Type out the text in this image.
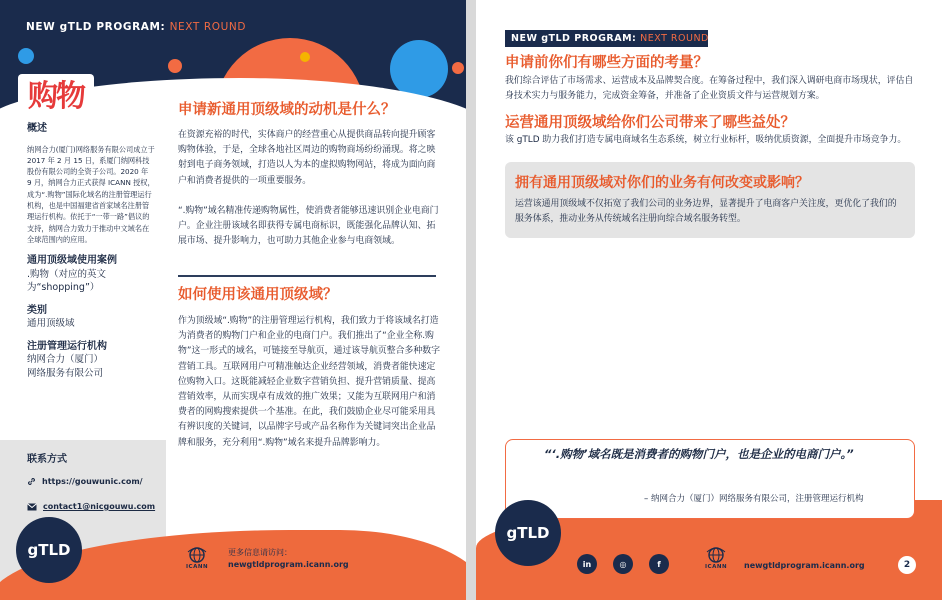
NEW gTLD PROGRAM: NEXT ROUND
购物
概述
纳网合力(厦门)网络服务有限公司成立于 2017 年 2 月 15 日，系厦门纳网科技股份有限公司的全资子公司。2020 年 9 月，纳网合力正式获得 ICANN 授权，成为“.购物”国际化域名的注册管理运行机构，也是中国福建省首家域名注册管理运行机构。依托于“一带一路”倡议的支持，纳网合力致力于推动中文域名在全球范围内的应用。
通用顶级域使用案例
.购物（对应的英文
为“shopping”）
类别
通用顶级域
注册管理运行机构
纳网合力（厦门）
网络服务有限公司
联系方式
https://gouwunic.com/
contact1@nicgouwu.com
申请新通用顶级域的动机是什么？
在资源充裕的时代，实体商户的经营重心从提供商品转向提升顾客购物体验，于是，全球各地社区周边的购物商场纷纷涌现。将之映射到电子商务领域，打造以人为本的虚拟购物网站，将成为面向商户和消费者提供的一项重要服务。
“.购物”域名精准传递购物属性，使消费者能够迅速识别企业电商门户。企业注册该域名即获得专属电商标识，既能强化品牌认知、拓展市场、提升影响力，也可助力其他企业参与电商领域。
如何使用该通用顶级域？
作为顶级域“.购物”的注册管理运行机构，我们致力于将该域名打造为消费者的购物门户和企业的电商门户。我们推出了“企业全称.购物”这一形式的域名，可链接至导航页，通过该导航页整合多种数字营销工具。互联网用户可精准触达企业经营领域，消费者能快速定位购物入口。这既能减轻企业数字营销负担、提升营销质量、提高营销效率，从而实现卓有成效的推广效果；又能为互联网用户和消费者的网购搜索提供一个基准。在此，我们鼓励企业尽可能采用具有辨识度的关键词，以品牌字号或产品名称作为关键词突出企业品牌和服务，充分利用“.购物”域名来提升品牌影响力。
gTLD
ICANN
更多信息请访问：
newgtldprogram.icann.org
NEW gTLD PROGRAM: NEXT ROUND
申请前你们有哪些方面的考量？
我们综合评估了市场需求、运营成本及品牌契合度。在筹备过程中，我们深入调研电商市场现状，评估自身技术实力与服务能力，完成资金筹备，并准备了企业资质文件与运营规划方案。
运营通用顶级域给你们公司带来了哪些益处？
该 gTLD 助力我们打造专属电商域名生态系统，树立行业标杆，吸纳优质资源，全面提升市场竞争力。
拥有通用顶级域对你们的业务有何改变或影响？
运营该通用顶级域不仅拓宽了我们公司的业务边界，显著提升了电商客户关注度，更优化了我们的服务体系，推动业务从传统域名注册向综合域名服务转型。
“‘.购物’域名既是消费者的购物门户，也是企业的电商门户。”
– 纳网合力（厦门）网络服务有限公司，注册管理运行机构
gTLD
in	◎	f	ICANN newgtldprogram.icann.org	2
